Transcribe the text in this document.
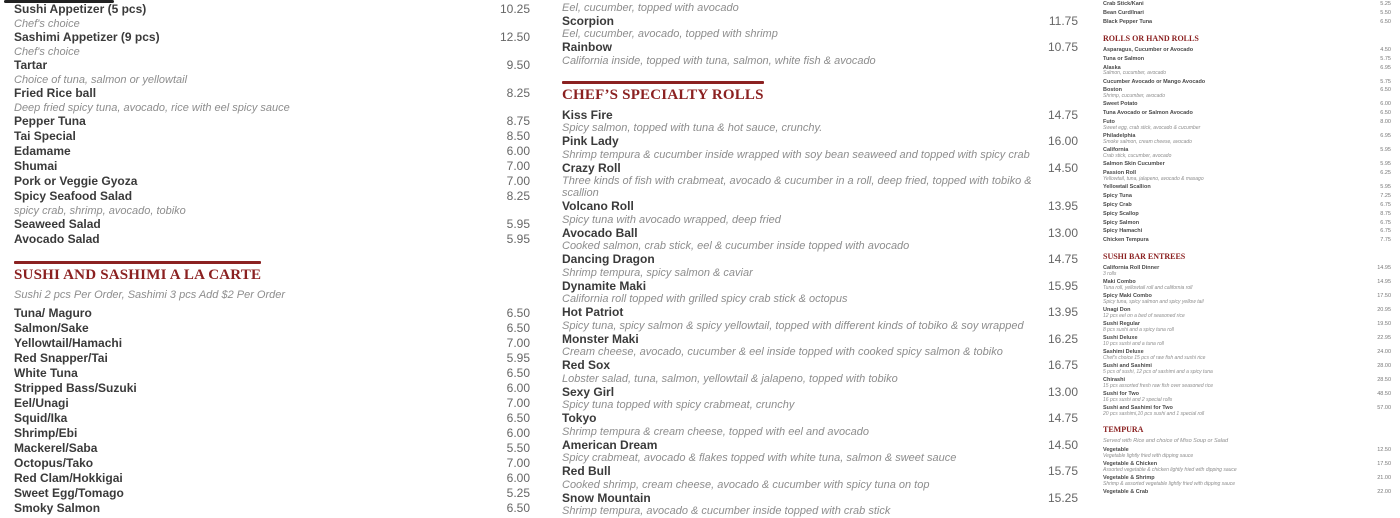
Sushi Appetizer (5 pcs)
Chef's choice
10.25
Sashimi Appetizer (9 pcs)
Chef's choice
12.50
Tartar
Choice of tuna, salmon or yellowtail
9.50
Fried Rice ball
Deep fried spicy tuna, avocado, rice with eel spicy sauce
8.25
Pepper Tuna	8.75
Tai Special	8.50
Edamame	6.00
Shumai	7.00
Pork or Veggie Gyoza	7.00
Spicy Seafood Salad
spicy crab, shrimp, avocado, tobiko
8.25
Seaweed Salad	5.95
Avocado Salad	5.95
SUSHI AND SASHIMI A LA CARTE
Sushi 2 pcs Per Order, Sashimi 3 pcs Add $2 Per Order
Tuna/ Maguro	6.50
Salmon/Sake	6.50
Yellowtail/Hamachi	7.00
Red Snapper/Tai	5.95
White Tuna	6.50
Stripped Bass/Suzuki	6.00
Eel/Unagi	7.00
Squid/Ika	6.50
Shrimp/Ebi	6.00
Mackerel/Saba	5.50
Octopus/Tako	7.00
Red Clam/Hokkigai	6.00
Sweet Egg/Tomago	5.25
Smoky Salmon	6.50
Eel, cucumber, topped with avocado
Scorpion
Eel, cucumber, avocado, topped with shrimp
11.75
Rainbow
California inside, topped with tuna, salmon, white fish & avocado
10.75
CHEF’S SPECIALTY ROLLS
Kiss Fire
Spicy salmon, topped with tuna & hot sauce, crunchy.
14.75
Pink Lady
Shrimp tempura & cucumber inside wrapped with soy bean seaweed and topped with spicy crab
16.00
Crazy Roll
Three kinds of fish with crabmeat, avocado & cucumber in a roll, deep fried, topped with tobiko & scallion
14.50
Volcano Roll
Spicy tuna with avocado wrapped, deep fried
13.95
Avocado Ball
Cooked salmon, crab stick, eel & cucumber inside topped with avocado
13.00
Dancing Dragon
Shrimp tempura, spicy salmon & caviar
14.75
Dynamite Maki
California roll topped with grilled spicy crab stick & octopus
15.95
Hot Patriot
Spicy tuna, spicy salmon & spicy yellowtail, topped with different kinds of tobiko & soy wrapped
13.95
Monster Maki
Cream cheese, avocado, cucumber & eel inside topped with cooked spicy salmon & tobiko
16.25
Red Sox
Lobster salad, tuna, salmon, yellowtail & jalapeno, topped with tobiko
16.75
Sexy Girl
Spicy tuna topped with spicy crabmeat, crunchy
13.00
Tokyo
Shrimp tempura & cream cheese, topped with eel and avocado
14.75
American Dream
Spicy crabmeat, avocado & flakes topped with white tuna, salmon & sweet sauce
14.50
Red Bull
Cooked shrimp, cream cheese, avocado & cucumber with spicy tuna on top
15.75
Snow Mountain
Shrimp tempura, avocado & cucumber inside topped with crab stick
15.25
Crab Stick/Kani	5.25
Bean Curd/Inari	5.50
Black Pepper Tuna	6.50
ROLLS OR HAND ROLLS
Asparagus, Cucumber or Avocado	4.50
Tuna or Salmon	5.75
Alaska
Salmon, cucumber, avocado
6.95
Cucumber Avocado or Mango Avocado	5.75
Boston
Shrimp, cucumber, avocado
6.50
Sweet Potato	6.00
Tuna Avocado or Salmon Avocado	6.50
Futo
Sweet egg, crab stick, avocado & cucumber
8.00
Philadelphia
Smoke salmon, cream cheese, avocado
6.95
California
Crab stick, cucumber, avocado
5.95
Salmon Skin Cucumber	5.95
Passion Roll
Yellowtail, tuna, jalapeno, avocado & masago
6.25
Yellowtail Scallion	5.95
Spicy Tuna	7.25
Spicy Crab	6.75
Spicy Scallop	8.75
Spicy Salmon	6.75
Spicy Hamachi	6.75
Chicken Tempura	7.75
SUSHI BAR ENTREES
California Roll Dinner
3 rolls
14.95
Maki Combo
Tuna roll, yellowtail roll and california roll
14.95
Spicy Maki Combo
Spicy tuna, spicy salmon and spicy yellow tail
17.50
Unagi Don
12 pcs eel on a bed of seasoned rice
20.95
Sushi Regular
8 pcs sushi and a spicy tuna roll
19.50
Sushi Deluxe
10 pcs sushi and a tuna roll
22.95
Sashimi Deluxe
Chef's choice 15 pcs of raw fish and sushi rice
24.00
Sushi and Sashimi
5 pcs of sushi, 12 pcs of sashimi and a spicy tuna
28.00
Chirashi
15 pcs assorted fresh raw fish over seasoned rice
28.50
Sushi for Two
16 pcs sushi and 2 special rolls
48.50
Sushi and Sashimi for Two
20 pcs sashimi,10 pcs sushi and 1 special roll
57.00
TEMPURA
Served with Rice and choice of Miso Soup or Salad
Vegetable
Vegetable lightly fried with dipping sauce
12.50
Vegetable & Chicken
Assorted vegetable & chicken lightly fried with dipping sauce
17.50
Vegetable & Shrimp
Shrimp & assorted vegetable lightly fried with dipping sauce
21.00
Vegetable & Crab	22.00
